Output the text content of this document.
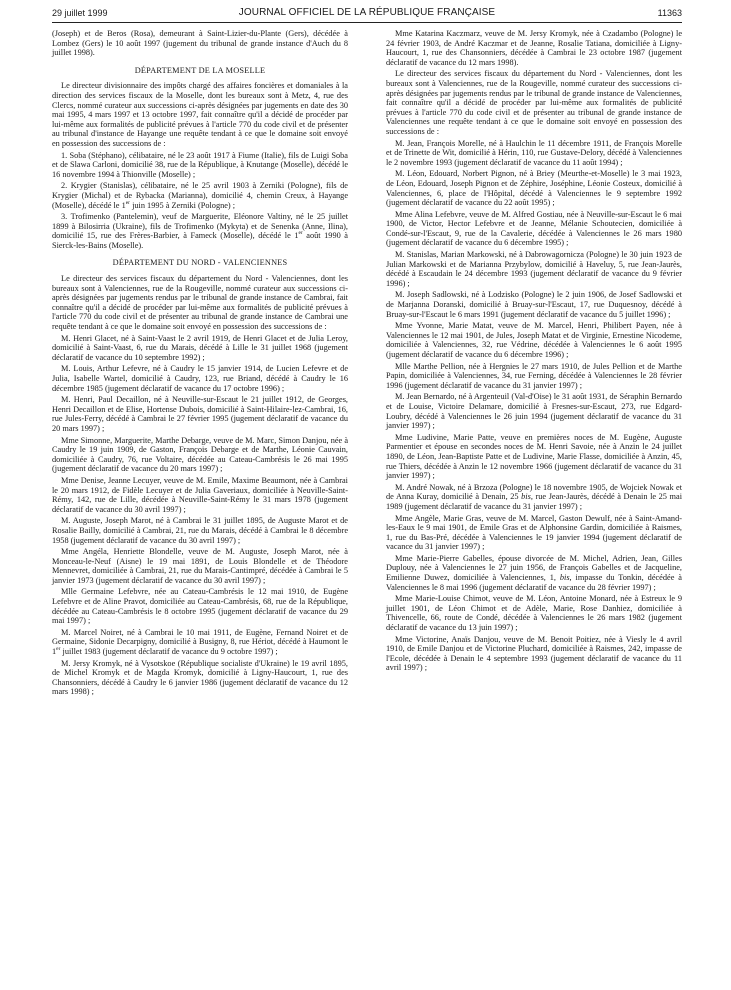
29 juillet 1999	JOURNAL OFFICIEL DE LA RÉPUBLIQUE FRANÇAISE	11363

(Joseph) et de Beros (Rosa), demeurant à Saint-Lizier-du-Plante (Gers), décédée à Lombez (Gers) le 10 août 1997 (jugement du tribunal de grande instance d'Auch du 8 juillet 1998).

DÉPARTEMENT DE LA MOSELLE

Le directeur divisionnaire des impôts chargé des affaires foncières et domaniales à la direction des services fiscaux de la Moselle, dont les bureaux sont à Metz, 4, rue des Clercs, nommé curateur aux successions ci-après désignées par jugements en date des 30 mai 1995, 4 mars 1997 et 13 octobre 1997, fait connaître qu'il a décidé de procéder par lui-même aux formalités de publicité prévues à l'article 770 du code civil et de présenter au tribunal d'instance de Hayange une requête tendant à ce que le domaine soit envoyé en possession des successions de :

1. Soba (Stéphano), célibataire, né le 23 août 1917 à Fiume (Italie), fils de Luigi Soba et de Slawa Carloni, domicilié 38, rue de la République, à Knutange (Moselle), décédé le 16 novembre 1994 à Thionville (Moselle) ;

2. Krygier (Stanislas), célibataire, né le 25 avril 1903 à Zerniki (Pologne), fils de Krygier (Michal) et de Rybacka (Marianna), domicilié 4, chemin Creux, à Hayange (Moselle), décédé le 1er juin 1995 à Zerniki (Pologne) ;

3. Trofimenko (Pantelemin), veuf de Marguerite, Eléonore Valtiny, né le 25 juillet 1899 à Bilosirria (Ukraine), fils de Trofimenko (Mykyta) et de Senenka (Anne, Ilina), domicilié 15, rue des Frères-Barbier, à Fameck (Moselle), décédé le 1er août 1990 à Sierck-les-Bains (Moselle).

DÉPARTEMENT DU NORD - VALENCIENNES

Le directeur des services fiscaux du département du Nord - Valenciennes, dont les bureaux sont à Valenciennes, rue de la Rougeville, nommé curateur aux successions ci-après désignées par jugements rendus par le tribunal de grande instance de Cambrai, fait connaître qu'il a décidé de procéder par lui-même aux formalités de publicité prévues à l'article 770 du code civil et de présenter au tribunal de grande instance de Cambrai une requête tendant à ce que le domaine soit envoyé en possession des successions de :

M. Henri Glacet, né à Saint-Vaast le 2 avril 1919, de Henri Glacet et de Julia Leroy, domicilié à Saint-Vaast, 6, rue du Marais, décédé à Lille le 31 juillet 1968 (jugement déclaratif de vacance du 10 septembre 1992) ;

M. Louis, Arthur Lefevre, né à Caudry le 15 janvier 1914, de Lucien Lefevre et de Julia, Isabelle Wartel, domicilié à Caudry, 123, rue Briand, décédé à Caudry le 16 décembre 1985 (jugement déclaratif de vacance du 17 octobre 1996) ;

M. Henri, Paul Decaillon, né à Neuville-sur-Escaut le 21 juillet 1912, de Georges, Henri Decaillon et de Elise, Hortense Dubois, domicilié à Saint-Hilaire-lez-Cambrai, 16, rue Jules-Ferry, décédé à Cambrai le 27 février 1995 (jugement déclaratif de vacance du 20 mars 1997) ;

Mme Simonne, Marguerite, Marthe Debarge, veuve de M. Marc, Simon Danjou, née à Caudry le 19 juin 1909, de Gaston, François Debarge et de Marthe, Léonie Cauvain, domiciliée à Caudry, 76, rue Voltaire, décédée au Cateau-Cambrésis le 26 mai 1995 (jugement déclaratif de vacance du 20 mars 1997) ;

Mme Denise, Jeanne Lecuyer, veuve de M. Emile, Maxime Beaumont, née à Cambrai le 20 mars 1912, de Fidèle Lecuyer et de Julia Gaveriaux, domiciliée à Neuville-Saint-Rémy, 142, rue de Lille, décédée à Neuville-Saint-Rémy le 31 mars 1978 (jugement déclaratif de vacance du 30 avril 1997) ;

M. Auguste, Joseph Marot, né à Cambrai le 31 juillet 1895, de Auguste Marot et de Rosalie Bailly, domicilié à Cambrai, 21, rue du Marais, décédé à Cambrai le 8 décembre 1958 (jugement déclaratif de vacance du 30 avril 1997) ;

Mme Angéla, Henriette Blondelle, veuve de M. Auguste, Joseph Marot, née à Monceau-le-Neuf (Aisne) le 19 mai 1891, de Louis Blondelle et de Théodore Mennevret, domiciliée à Cambrai, 21, rue du Marais-Cantimpré, décédée à Cambrai le 5 janvier 1973 (jugement déclaratif de vacance du 30 avril 1997) ;

Mlle Germaine Lefebvre, née au Cateau-Cambrésis le 12 mai 1910, de Eugène Lefebvre et de Aline Pravot, domiciliée au Cateau-Cambrésis, 68, rue de la République, décédée au Cateau-Cambrésis le 8 octobre 1995 (jugement déclaratif de vacance du 29 mai 1997) ;

M. Marcel Noiret, né à Cambrai le 10 mai 1911, de Eugène, Fernand Noiret et de Germaine, Sidonie Decarpigny, domicilié à Busigny, 8, rue Hériot, décédé à Haumont le 1er juillet 1983 (jugement déclaratif de vacance du 9 octobre 1997) ;

M. Jersy Kromyk, né à Vysotskoe (République socialiste d'Ukraine) le 19 avril 1895, de Michel Kromyk et de Magda Kromyk, domicilié à Ligny-Haucourt, 1, rue des Chansonniers, décédé à Caudry le 6 janvier 1986 (jugement déclaratif de vacance du 12 mars 1998) ;

Mme Katarina Kaczmarz, veuve de M. Jersy Kromyk, née à Czadambo (Pologne) le 24 février 1903, de André Kaczmar et de Jeanne, Rosalie Tatiana, domiciliée à Ligny-Haucourt, 1, rue des Chansonniers, décédée à Cambrai le 23 octobre 1987 (jugement déclaratif de vacance du 12 mars 1998).

Le directeur des services fiscaux du département du Nord - Valenciennes, dont les bureaux sont à Valenciennes, rue de la Rougeville, nommé curateur des successions ci-après désignées par jugements rendus par le tribunal de grande instance de Valenciennes, fait connaître qu'il a décidé de procéder par lui-même aux formalités de publicité prévues à l'article 770 du code civil et de présenter au tribunal de grande instance de Valenciennes une requête tendant à ce que le domaine soit envoyé en possession des successions de :

M. Jean, François Morelle, né à Haulchin le 11 décembre 1911, de François Morelle et de Trinette de Wit, domicilié à Hérin, 110, rue Gustave-Delory, décédé à Valenciennes le 2 novembre 1993 (jugement déclaratif de vacance du 11 août 1994) ;

M. Léon, Edouard, Norbert Pignon, né à Briey (Meurthe-et-Moselle) le 3 mai 1923, de Léon, Edouard, Joseph Pignon et de Zéphire, Joséphine, Léonie Costeux, domicilié à Valenciennes, 6, place de l'Hôpital, décédé à Valenciennes le 9 septembre 1992 (jugement déclaratif de vacance du 22 août 1995) ;

Mme Alina Lefebvre, veuve de M. Alfred Gostiau, née à Neuville-sur-Escaut le 6 mai 1900, de Victor, Hector Lefebvre et de Jeanne, Mélanie Schoutecien, domiciliée à Condé-sur-l'Escaut, 9, rue de la Cavalerie, décédée à Valenciennes le 26 mars 1980 (jugement déclaratif de vacance du 6 décembre 1995) ;

M. Stanislas, Marian Markowski, né à Dabrowagornicza (Pologne) le 30 juin 1923 de Julian Markowski et de Marianna Przybylow, domicilié à Haveluy, 5, rue Jean-Jaurès, décédé à Escaudain le 24 décembre 1993 (jugement déclaratif de vacance du 9 février 1996) ;

M. Joseph Sadlowski, né à Lodzisko (Pologne) le 2 juin 1906, de Josef Sadlowski et de Marjanna Doranski, domicilié à Bruay-sur-l'Escaut, 17, rue Duquesnoy, décédé à Bruay-sur-l'Escaut le 6 mars 1991 (jugement déclaratif de vacance du 5 juillet 1996) ;

Mme Yvonne, Marie Matat, veuve de M. Marcel, Henri, Philibert Payen, née à Valenciennes le 12 mai 1901, de Jules, Joseph Matat et de Virginie, Ernestine Nicodeme, domiciliée à Valenciennes, 32, rue Védrine, décédée à Valenciennes le 6 août 1995 (jugement déclaratif de vacance du 6 décembre 1996) ;

Mlle Marthe Pellion, née à Hergnies le 27 mars 1910, de Jules Pellion et de Marthe Papin, domiciliée à Valenciennes, 34, rue Ferning, décédée à Valenciennes le 28 février 1996 (jugement déclaratif de vacance du 31 janvier 1997) ;

M. Jean Bernardo, né à Argenteuil (Val-d'Oise) le 31 août 1931, de Séraphin Bernardo et de Louise, Victoire Delamare, domicilié à Fresnes-sur-Escaut, 273, rue Edgard-Loubry, décédé à Valenciennes le 26 juin 1994 (jugement déclaratif de vacance du 31 janvier 1997) ;

Mme Ludivine, Marie Patte, veuve en premières noces de M. Eugène, Auguste Parmentier et épouse en secondes noces de M. Henri Savoie, née à Anzin le 24 juillet 1890, de Léon, Jean-Baptiste Patte et de Ludivine, Marie Flasse, domiciliée à Anzin, 45, rue Thiers, décédée à Anzin le 12 novembre 1966 (jugement déclaratif de vacance du 31 janvier 1997) ;

M. André Nowak, né à Brzoza (Pologne) le 18 novembre 1905, de Wojciek Nowak et de Anna Kuray, domicilié à Denain, 25 bis, rue Jean-Jaurès, décédé à Denain le 25 mai 1989 (jugement déclaratif de vacance du 31 janvier 1997) ;

Mme Angèle, Marie Gras, veuve de M. Marcel, Gaston Dewulf, née à Saint-Amand-les-Eaux le 9 mai 1901, de Emile Gras et de Alphonsine Gardin, domiciliée à Raismes, 1, rue du Bas-Pré, décédée à Valenciennes le 19 janvier 1994 (jugement déclaratif de vacance du 31 janvier 1997) ;

Mme Marie-Pierre Gabelles, épouse divorcée de M. Michel, Adrien, Jean, Gilles Duplouy, née à Valenciennes le 27 juin 1956, de François Gabelles et de Jacqueline, Emilienne Duwez, domiciliée à Valenciennes, 1, bis, impasse du Tonkin, décédée à Valenciennes le 8 mai 1996 (jugement déclaratif de vacance du 28 février 1997) ;

Mme Marie-Louise Chimot, veuve de M. Léon, Antoine Monard, née à Estreux le 9 juillet 1901, de Léon Chimot et de Adèle, Marie, Rose Danhiez, domiciliée à Thivencelle, 66, route de Condé, décédée à Valenciennes le 26 mars 1982 (jugement déclaratif de vacance du 13 juin 1997) ;

Mme Victorine, Anaïs Danjou, veuve de M. Benoit Poitiez, née à Viesly le 4 avril 1910, de Emile Danjou et de Victorine Pluchard, domiciliée à Raismes, 242, impasse de l'Ecole, décédée à Denain le 4 septembre 1993 (jugement déclaratif de vacance du 11 avril 1997) ;
